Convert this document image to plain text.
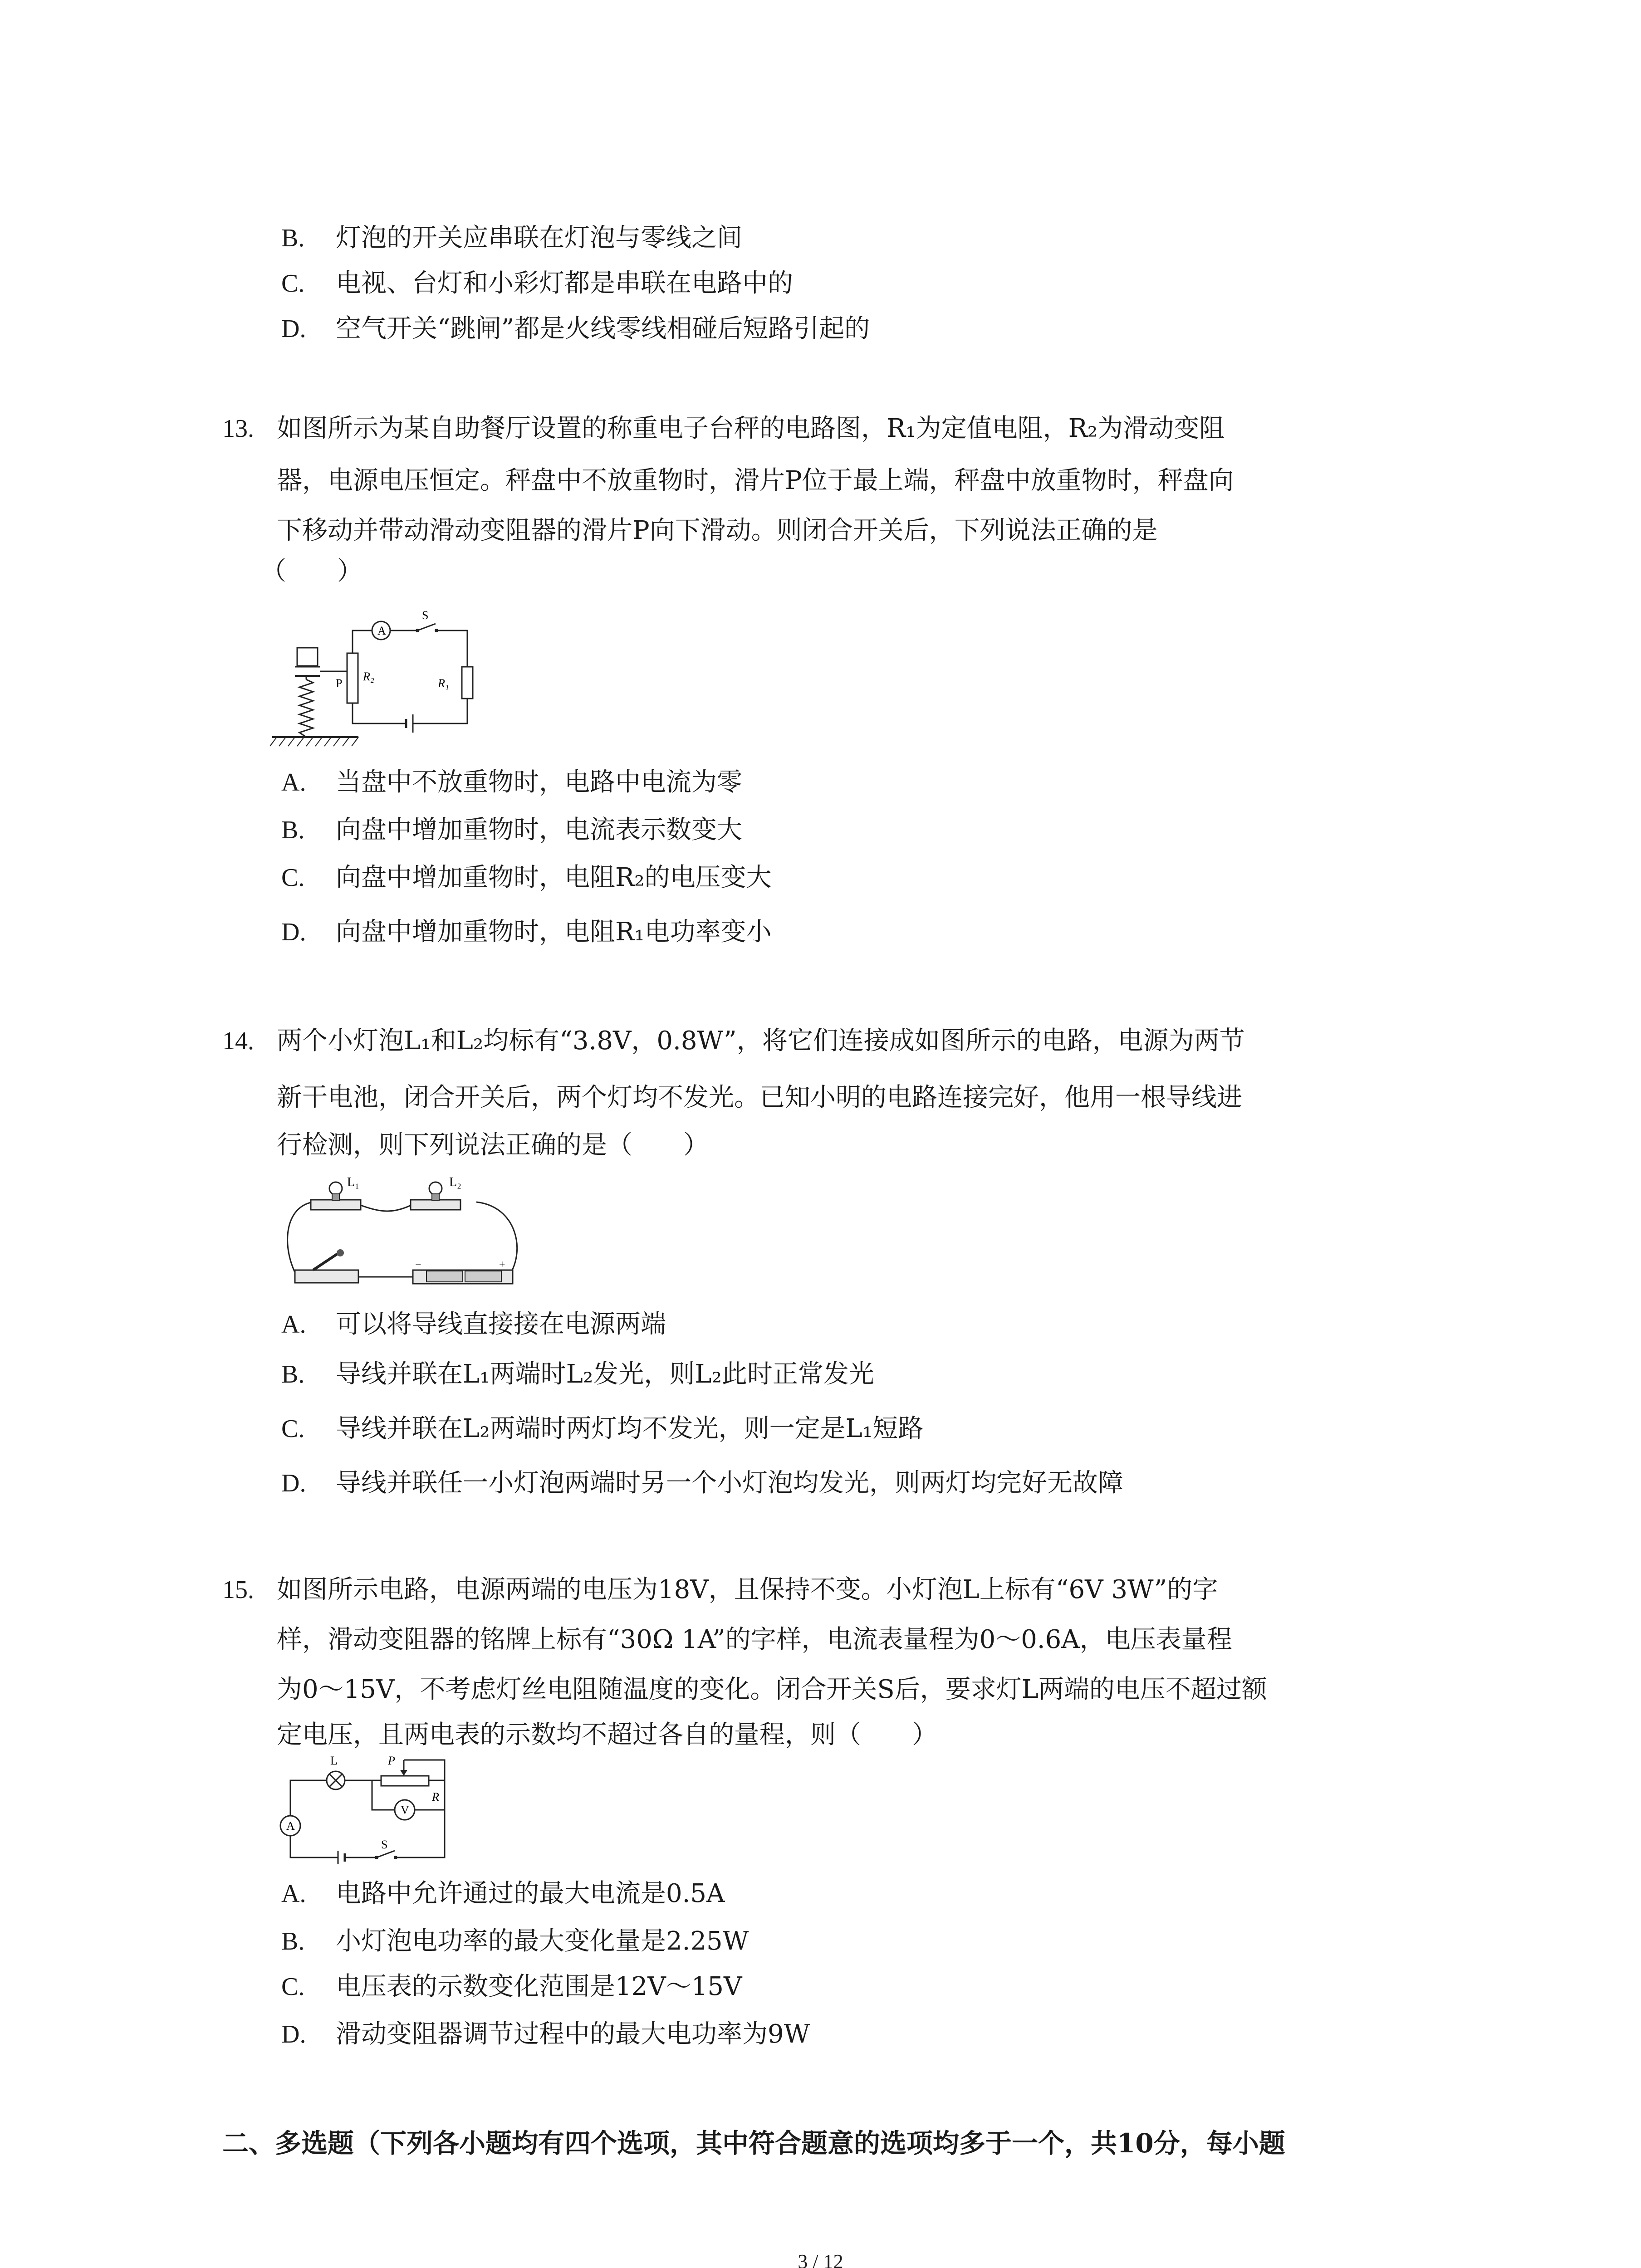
B. 灯泡的开关应串联在灯泡与零线之间
C. 电视、台灯和小彩灯都是串联在电路中的
D. 空气开关“跳闸”都是火线零线相碰后短路引起的
13. 如图所示为某自助餐厅设置的称重电子台秤的电路图，R₁为定值电阻，R₂为滑动变阻
器，电源电压恒定。秤盘中不放重物时，滑片P位于最上端，秤盘中放重物时，秤盘向
下移动并带动滑动变阻器的滑片P向下滑动。则闭合开关后，下列说法正确的是
（　　）
P
R₂
A
S
R₁
A. 当盘中不放重物时，电路中电流为零
B. 向盘中增加重物时，电流表示数变大
C. 向盘中增加重物时，电阻R₂的电压变大
D. 向盘中增加重物时，电阻R₁电功率变小
14. 两个小灯泡L₁和L₂均标有“3.8V，0.8W”，将它们连接成如图所示的电路，电源为两节
新干电池，闭合开关后，两个灯均不发光。已知小明的电路连接完好，他用一根导线进
行检测，则下列说法正确的是（　　）
L₁	L₂
−	+
A. 可以将导线直接接在电源两端
B. 导线并联在L₁两端时L₂发光，则L₂此时正常发光
C. 导线并联在L₂两端时两灯均不发光，则一定是L₁短路
D. 导线并联任一小灯泡两端时另一个小灯泡均发光，则两灯均完好无故障
15. 如图所示电路，电源两端的电压为18V，且保持不变。小灯泡L上标有“6V 3W”的字
样，滑动变阻器的铭牌上标有“30Ω 1A”的字样，电流表量程为0～0.6A，电压表量程
为0～15V，不考虑灯丝电阻随温度的变化。闭合开关S后，要求灯L两端的电压不超过额
定电压，且两电表的示数均不超过各自的量程，则（　　）
A
S
L	P
R
V
A. 电路中允许通过的最大电流是0.5A
B. 小灯泡电功率的最大变化量是2.25W
C. 电压表的示数变化范围是12V～15V
D. 滑动变阻器调节过程中的最大电功率为9W
二、多选题（下列各小题均有四个选项，其中符合题意的选项均多于一个，共10分，每小题
3 / 12
